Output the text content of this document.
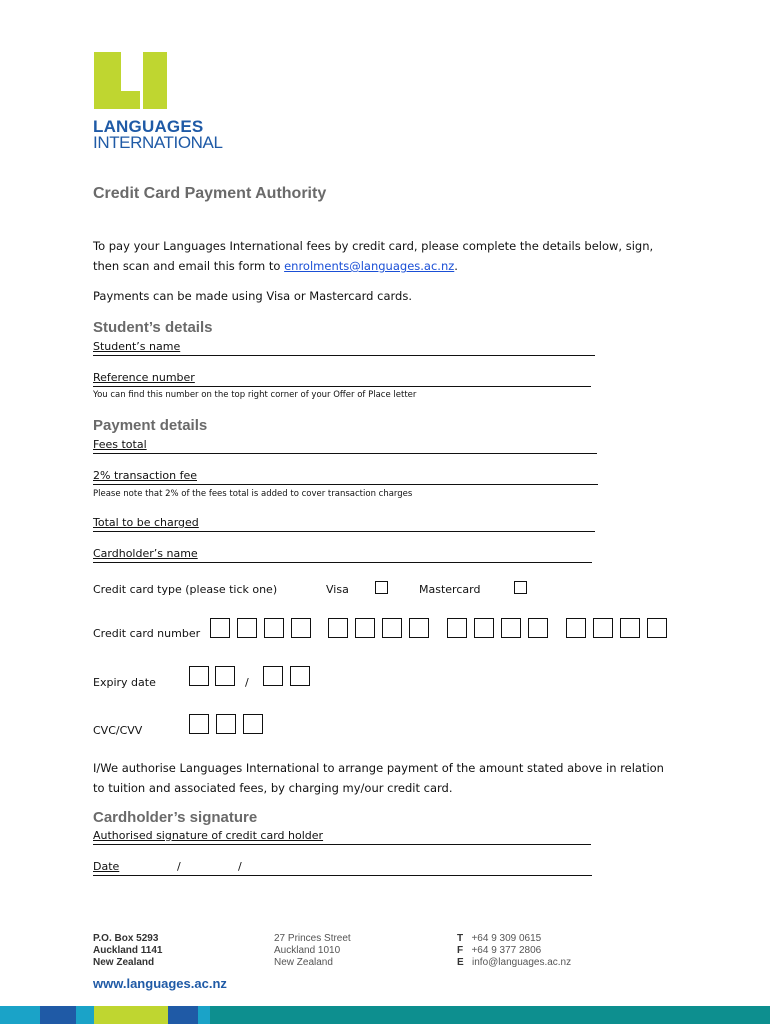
LANGUAGES
INTERNATIONAL
Credit Card Payment Authority
To pay your Languages International fees by credit card, please complete the details below, sign,
then scan and email this form to enrolments@languages.ac.nz.
Payments can be made using Visa or Mastercard cards.
Student’s details
Student’s name
Reference number
You can find this number on the top right corner of your Offer of Place letter
Payment details
Fees total
2% transaction fee
Please note that 2% of the fees total is added to cover transaction charges
Total to be charged
Cardholder’s name
Credit card type (please tick one)	Visa	Mastercard
Credit card number
Expiry date	/
CVC/CVV
I/We authorise Languages International to arrange payment of the amount stated above in relation
to tuition and associated fees, by charging my/our credit card.
Cardholder’s signature
Authorised signature of credit card holder
Date	/	/
P.O. Box 5293
Auckland 1141
New Zealand
27 Princes Street
Auckland 1010
New Zealand
T +64 9 309 0615
F +64 9 377 2806
E info@languages.ac.nz
www.languages.ac.nz
